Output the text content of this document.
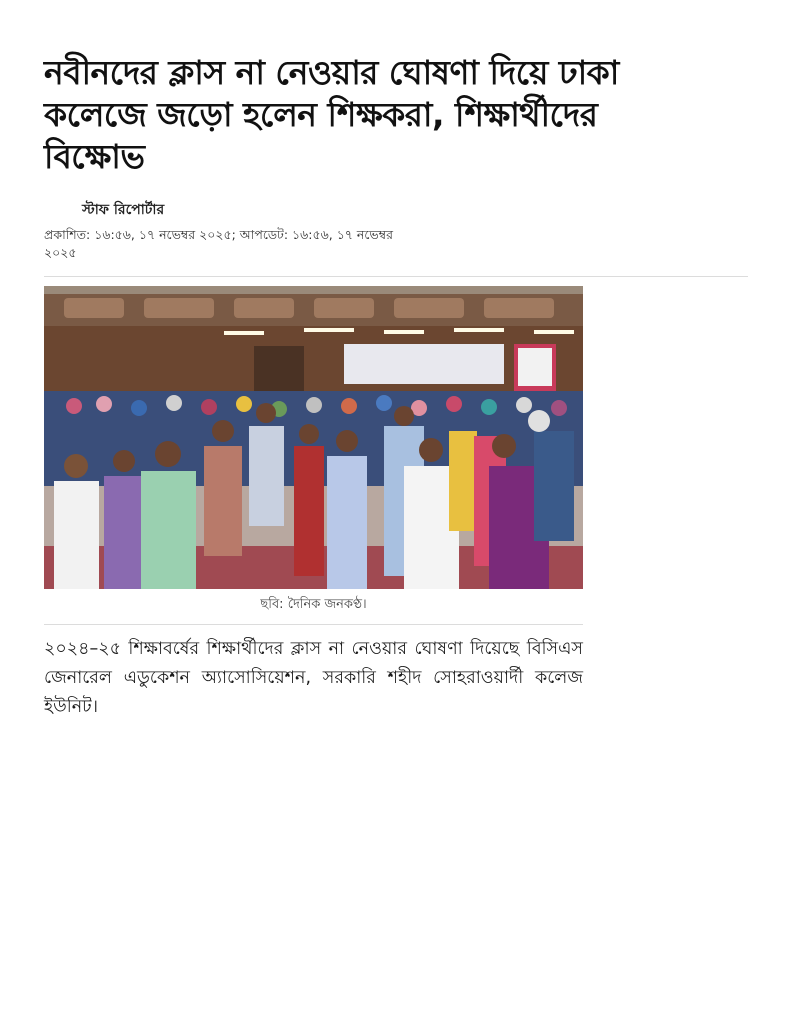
নবীনদের ক্লাস না নেওয়ার ঘোষণা দিয়ে ঢাকা কলেজে জড়ো হলেন শিক্ষকরা, শিক্ষার্থীদের বিক্ষোভ
স্টাফ রিপোর্টার
প্রকাশিত: ১৬:৫৬, ১৭ নভেম্বর ২০২৫; আপডেট: ১৬:৫৬, ১৭ নভেম্বর ২০২৫
ছবি: দৈনিক জনকণ্ঠ।

২০২৪–২৫ শিক্ষাবর্ষের শিক্ষার্থীদের ক্লাস না নেওয়ার ঘোষণা দিয়েছে বিসিএস জেনারেল এডুকেশন অ্যাসোসিয়েশন, সরকারি শহীদ সোহরাওয়ার্দী কলেজ ইউনিট।
